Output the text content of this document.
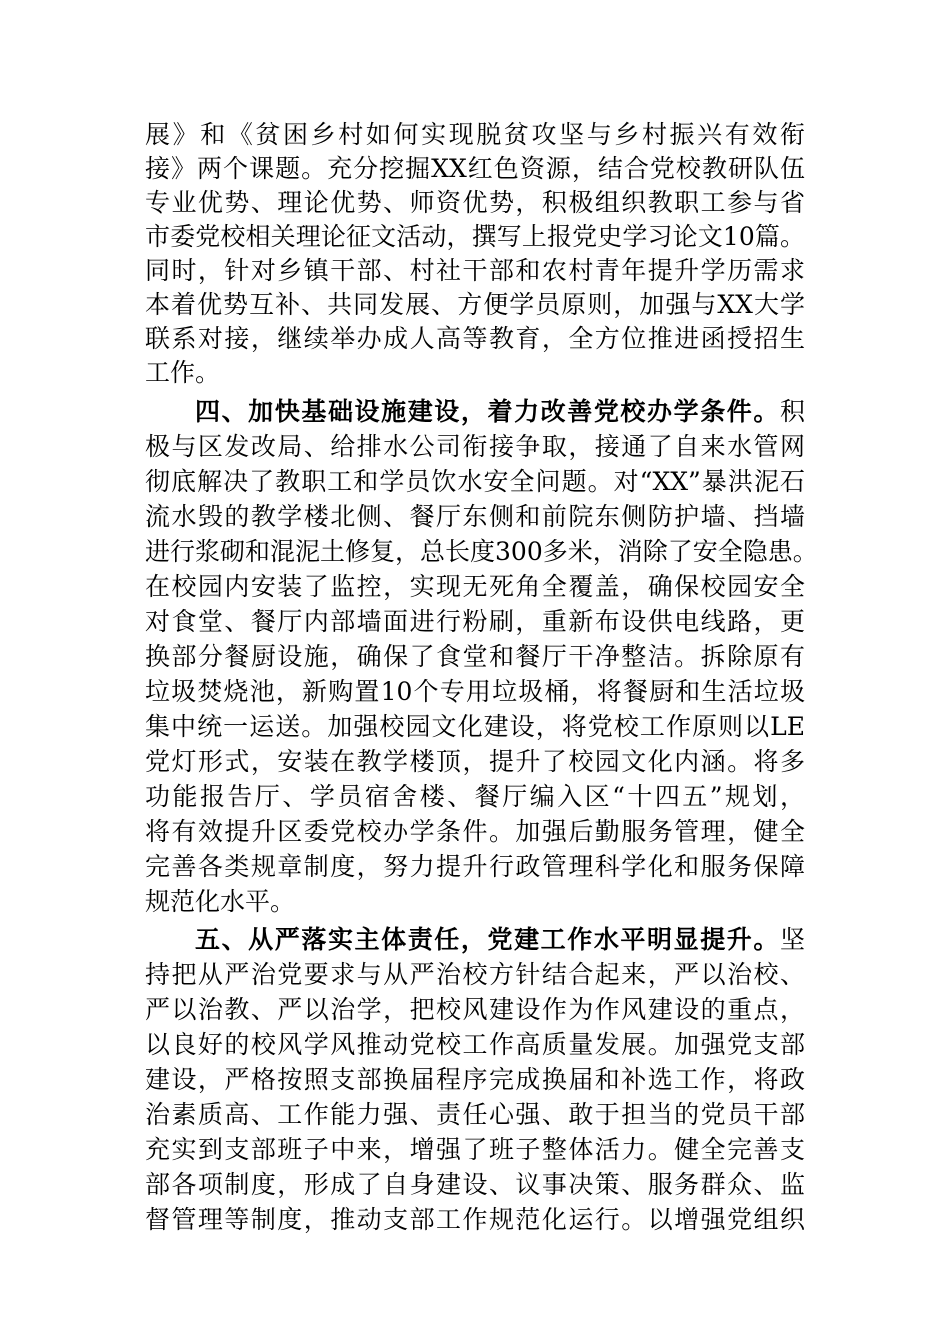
展》和《贫困乡村如何实现脱贫攻坚与乡村振兴有效衔
接》两个课题。充分挖掘XX红色资源，结合党校教研队伍
专业优势、理论优势、师资优势，积极组织教职工参与省
市委党校相关理论征文活动，撰写上报党史学习论文10篇。
同时，针对乡镇干部、村社干部和农村青年提升学历需求
本着优势互补、共同发展、方便学员原则，加强与XX大学
联系对接，继续举办成人高等教育，全方位推进函授招生
工作。
四、加快基础设施建设，着力改善党校办学条件。积
极与区发改局、给排水公司衔接争取，接通了自来水管网
彻底解决了教职工和学员饮水安全问题。对“XX”暴洪泥石
流水毁的教学楼北侧、餐厅东侧和前院东侧防护墙、挡墙
进行浆砌和混泥土修复，总长度300多米，消除了安全隐患。
在校园内安装了监控，实现无死角全覆盖，确保校园安全
对食堂、餐厅内部墙面进行粉刷，重新布设供电线路，更
换部分餐厨设施，确保了食堂和餐厅干净整洁。拆除原有
垃圾焚烧池，新购置10个专用垃圾桶，将餐厨和生活垃圾
集中统一运送。加强校园文化建设，将党校工作原则以LE
党灯形式，安装在教学楼顶，提升了校园文化内涵。将多
功能报告厅、学员宿舍楼、餐厅编入区“十四五”规划，
将有效提升区委党校办学条件。加强后勤服务管理，健全
完善各类规章制度，努力提升行政管理科学化和服务保障
规范化水平。
五、从严落实主体责任，党建工作水平明显提升。坚
持把从严治党要求与从严治校方针结合起来，严以治校、
严以治教、严以治学，把校风建设作为作风建设的重点，
以良好的校风学风推动党校工作高质量发展。加强党支部
建设，严格按照支部换届程序完成换届和补选工作，将政
治素质高、工作能力强、责任心强、敢于担当的党员干部
充实到支部班子中来，增强了班子整体活力。健全完善支
部各项制度，形成了自身建设、议事决策、服务群众、监
督管理等制度，推动支部工作规范化运行。以增强党组织
